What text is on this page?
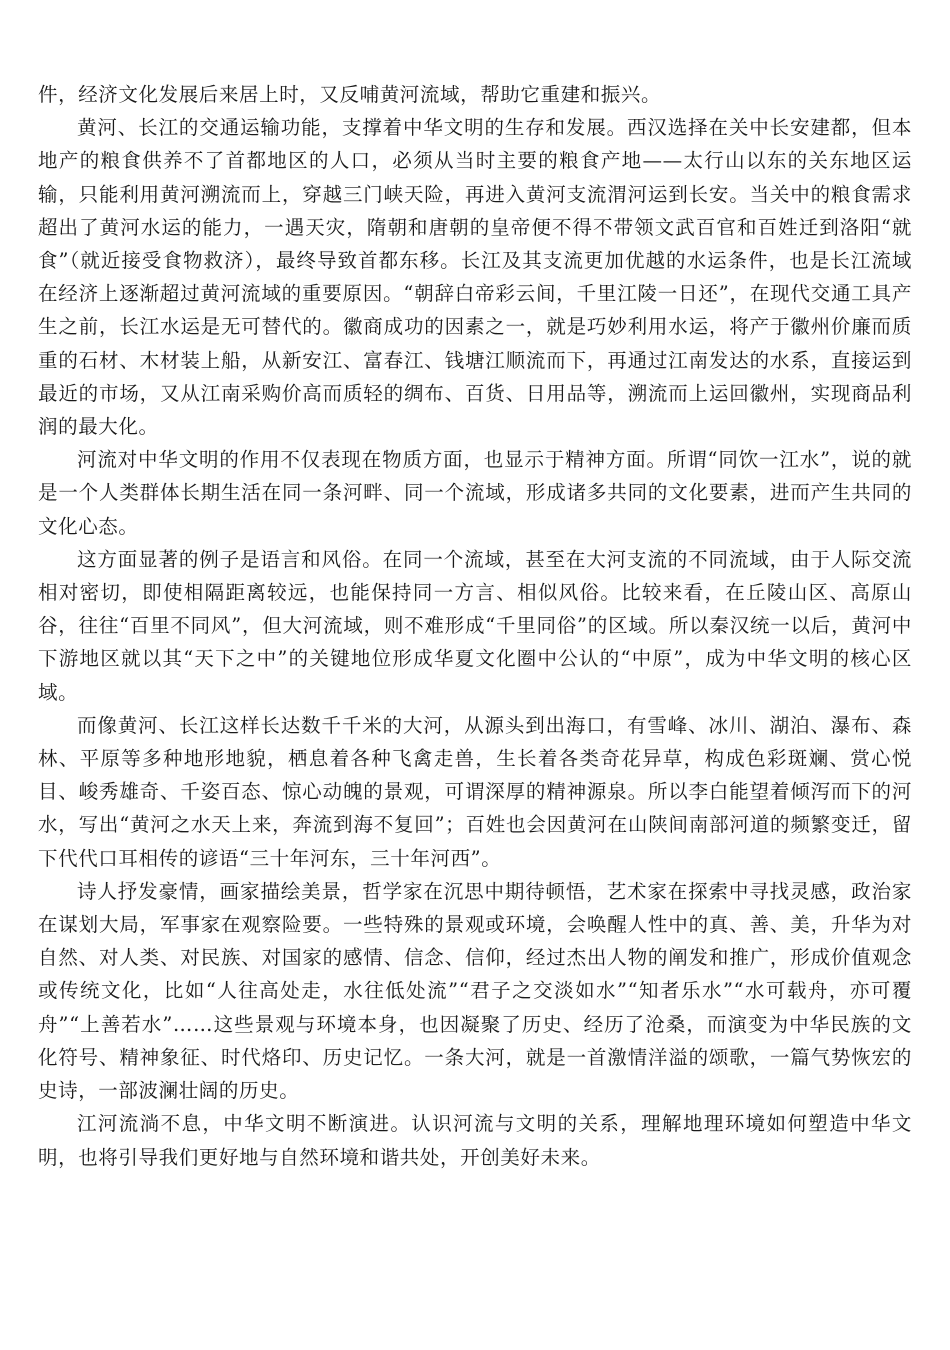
件，经济文化发展后来居上时，又反哺黄河流域，帮助它重建和振兴。

黄河、长江的交通运输功能，支撑着中华文明的生存和发展。西汉选择在关中长安建都，但本地产的粮食供养不了首都地区的人口，必须从当时主要的粮食产地——太行山以东的关东地区运输，只能利用黄河溯流而上，穿越三门峡天险，再进入黄河支流渭河运到长安。当关中的粮食需求超出了黄河水运的能力，一遇天灾，隋朝和唐朝的皇帝便不得不带领文武百官和百姓迁到洛阳“就食”（就近接受食物救济），最终导致首都东移。长江及其支流更加优越的水运条件，也是长江流域在经济上逐渐超过黄河流域的重要原因。“朝辞白帝彩云间，千里江陵一日还”，在现代交通工具产生之前，长江水运是无可替代的。徽商成功的因素之一，就是巧妙利用水运，将产于徽州价廉而质重的石材、木材装上船，从新安江、富春江、钱塘江顺流而下，再通过江南发达的水系，直接运到最近的市场，又从江南采购价高而质轻的绸布、百货、日用品等，溯流而上运回徽州，实现商品利润的最大化。

河流对中华文明的作用不仅表现在物质方面，也显示于精神方面。所谓“同饮一江水”，说的就是一个人类群体长期生活在同一条河畔、同一个流域，形成诸多共同的文化要素，进而产生共同的文化心态。

这方面显著的例子是语言和风俗。在同一个流域，甚至在大河支流的不同流域，由于人际交流相对密切，即使相隔距离较远，也能保持同一方言、相似风俗。比较来看，在丘陵山区、高原山谷，往往“百里不同风”，但大河流域，则不难形成“千里同俗”的区域。所以秦汉统一以后，黄河中下游地区就以其“天下之中”的关键地位形成华夏文化圈中公认的“中原”，成为中华文明的核心区域。

而像黄河、长江这样长达数千千米的大河，从源头到出海口，有雪峰、冰川、湖泊、瀑布、森林、平原等多种地形地貌，栖息着各种飞禽走兽，生长着各类奇花异草，构成色彩斑斓、赏心悦目、峻秀雄奇、千姿百态、惊心动魄的景观，可谓深厚的精神源泉。所以李白能望着倾泻而下的河水，写出“黄河之水天上来，奔流到海不复回”；百姓也会因黄河在山陕间南部河道的频繁变迁，留下代代口耳相传的谚语“三十年河东，三十年河西”。

诗人抒发豪情，画家描绘美景，哲学家在沉思中期待顿悟，艺术家在探索中寻找灵感，政治家在谋划大局，军事家在观察险要。一些特殊的景观或环境，会唤醒人性中的真、善、美，升华为对自然、对人类、对民族、对国家的感情、信念、信仰，经过杰出人物的阐发和推广，形成价值观念或传统文化，比如“人往高处走，水往低处流”“君子之交淡如水”“知者乐水”“水可载舟，亦可覆舟”“上善若水”……这些景观与环境本身，也因凝聚了历史、经历了沧桑，而演变为中华民族的文化符号、精神象征、时代烙印、历史记忆。一条大河，就是一首激情洋溢的颂歌，一篇气势恢宏的史诗，一部波澜壮阔的历史。

江河流淌不息，中华文明不断演进。认识河流与文明的关系，理解地理环境如何塑造中华文明，也将引导我们更好地与自然环境和谐共处，开创美好未来。
